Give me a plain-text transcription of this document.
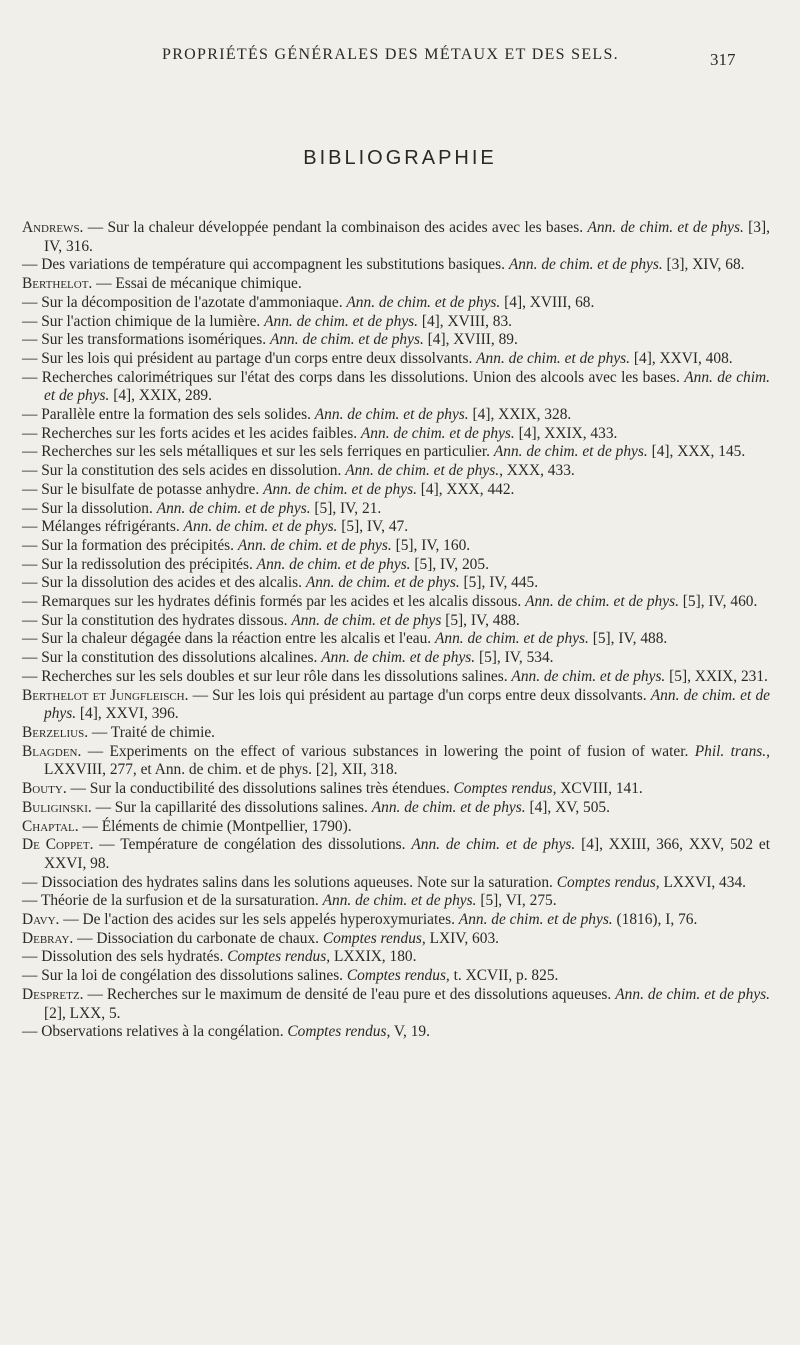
PROPRIÉTÉS GÉNÉRALES DES MÉTAUX ET DES SELS.	317
BIBLIOGRAPHIE
Andrews. — Sur la chaleur développée pendant la combinaison des acides avec les bases. Ann. de chim. et de phys. [3], IV, 316.
— Des variations de température qui accompagnent les substitutions basiques. Ann. de chim. et de phys. [3], XIV, 68.
Berthelot. — Essai de mécanique chimique.
— Sur la décomposition de l'azotate d'ammoniaque. Ann. de chim. et de phys. [4], XVIII, 68.
— Sur l'action chimique de la lumière. Ann. de chim. et de phys. [4], XVIII, 83.
— Sur les transformations isomériques. Ann. de chim. et de phys. [4], XVIII, 89.
— Sur les lois qui président au partage d'un corps entre deux dissolvants. Ann. de chim. et de phys. [4], XXVI, 408.
— Recherches calorimétriques sur l'état des corps dans les dissolutions. Union des alcools avec les bases. Ann. de chim. et de phys. [4], XXIX, 289.
— Parallèle entre la formation des sels solides. Ann. de chim. et de phys. [4], XXIX, 328.
— Recherches sur les forts acides et les acides faibles. Ann. de chim. et de phys. [4], XXIX, 433.
— Recherches sur les sels métalliques et sur les sels ferriques en particulier. Ann. de chim. et de phys. [4], XXX, 145.
— Sur la constitution des sels acides en dissolution. Ann. de chim. et de phys., XXX, 433.
— Sur le bisulfate de potasse anhydre. Ann. de chim. et de phys. [4], XXX, 442.
— Sur la dissolution. Ann. de chim. et de phys. [5], IV, 21.
— Mélanges réfrigérants. Ann. de chim. et de phys. [5], IV, 47.
— Sur la formation des précipités. Ann. de chim. et de phys. [5], IV, 160.
— Sur la redissolution des précipités. Ann. de chim. et de phys. [5], IV, 205.
— Sur la dissolution des acides et des alcalis. Ann. de chim. et de phys. [5], IV, 445.
— Remarques sur les hydrates définis formés par les acides et les alcalis dissous. Ann. de chim. et de phys. [5], IV, 460.
— Sur la constitution des hydrates dissous. Ann. de chim. et de phys [5], IV, 488.
— Sur la chaleur dégagée dans la réaction entre les alcalis et l'eau. Ann. de chim. et de phys. [5], IV, 488.
— Sur la constitution des dissolutions alcalines. Ann. de chim. et de phys. [5], IV, 534.
— Recherches sur les sels doubles et sur leur rôle dans les dissolutions salines. Ann. de chim. et de phys. [5], XXIX, 231.
Berthelot et Jungfleisch. — Sur les lois qui président au partage d'un corps entre deux dissolvants. Ann. de chim. et de phys. [4], XXVI, 396.
Berzelius. — Traité de chimie.
Blagden. — Experiments on the effect of various substances in lowering the point of fusion of water. Phil. trans., LXXVIII, 277, et Ann. de chim. et de phys. [2], XII, 318.
Bouty. — Sur la conductibilité des dissolutions salines très étendues. Comptes rendus, XCVIII, 141.
Buliginski. — Sur la capillarité des dissolutions salines. Ann. de chim. et de phys. [4], XV, 505.
Chaptal. — Éléments de chimie (Montpellier, 1790).
De Coppet. — Température de congélation des dissolutions. Ann. de chim. et de phys. [4], XXIII, 366, XXV, 502 et XXVI, 98.
— Dissociation des hydrates salins dans les solutions aqueuses. Note sur la saturation. Comptes rendus, LXXVI, 434.
— Théorie de la surfusion et de la sursaturation. Ann. de chim. et de phys. [5], VI, 275.
Davy. — De l'action des acides sur les sels appelés hyperoxymuriates. Ann. de chim. et de phys. (1816), I, 76.
Debray. — Dissociation du carbonate de chaux. Comptes rendus, LXIV, 603.
— Dissolution des sels hydratés. Comptes rendus, LXXIX, 180.
— Sur la loi de congélation des dissolutions salines. Comptes rendus, t. XCVII, p. 825.
Despretz. — Recherches sur le maximum de densité de l'eau pure et des dissolutions aqueuses. Ann. de chim. et de phys. [2], LXX, 5.
— Observations relatives à la congélation. Comptes rendus, V, 19.
